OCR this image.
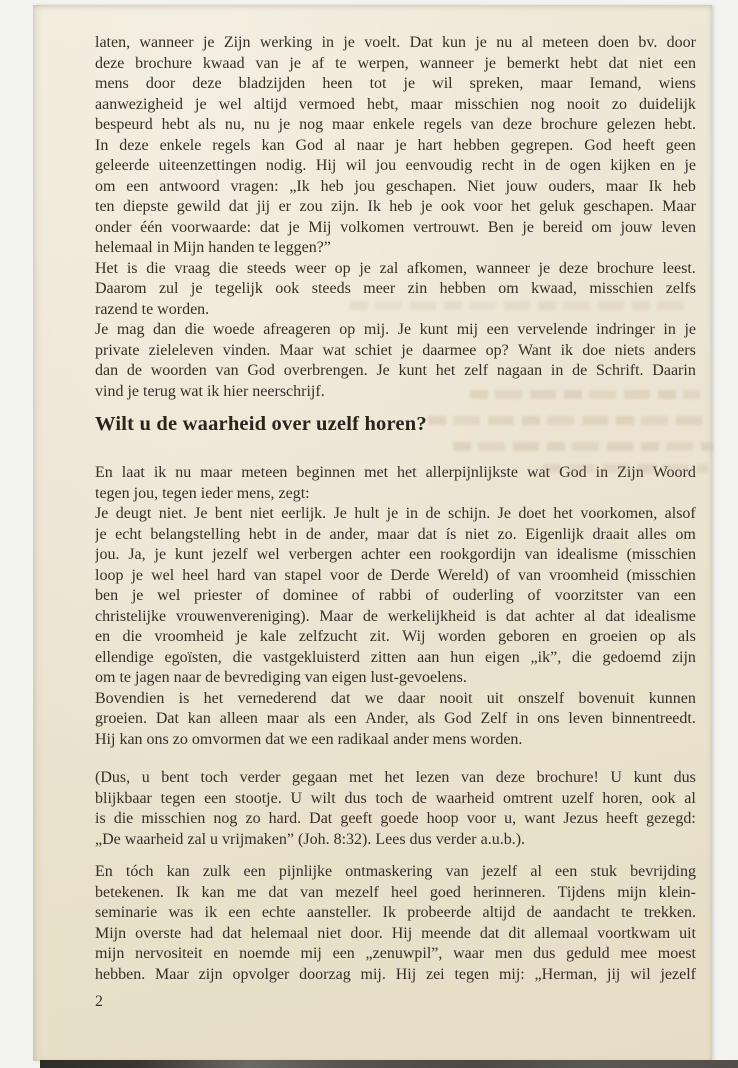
laten, wanneer je Zijn werking in je voelt. Dat kun je nu al meteen doen bv. door
deze brochure kwaad van je af te werpen, wanneer je bemerkt hebt dat niet een
mens door deze bladzijden heen tot je wil spreken, maar Iemand, wiens
aanwezigheid je wel altijd vermoed hebt, maar misschien nog nooit zo duidelijk
bespeurd hebt als nu, nu je nog maar enkele regels van deze brochure gelezen hebt.
In deze enkele regels kan God al naar je hart hebben gegrepen. God heeft geen
geleerde uiteenzettingen nodig. Hij wil jou eenvoudig recht in de ogen kijken en je
om een antwoord vragen: „Ik heb jou geschapen. Niet jouw ouders, maar Ik heb
ten diepste gewild dat jij er zou zijn. Ik heb je ook voor het geluk geschapen. Maar
onder één voorwaarde: dat je Mij volkomen vertrouwt. Ben je bereid om jouw leven
helemaal in Mijn handen te leggen?”
Het is die vraag die steeds weer op je zal afkomen, wanneer je deze brochure leest.
Daarom zul je tegelijk ook steeds meer zin hebben om kwaad, misschien zelfs
razend te worden.
Je mag dan die woede afreageren op mij. Je kunt mij een vervelende indringer in je
private zieleleven vinden. Maar wat schiet je daarmee op? Want ik doe niets anders
dan de woorden van God overbrengen. Je kunt het zelf nagaan in de Schrift. Daarin
vind je terug wat ik hier neerschrijf.
Wilt u de waarheid over uzelf horen?
En laat ik nu maar meteen beginnen met het allerpijnlijkste wat God in Zijn Woord
tegen jou, tegen ieder mens, zegt:
Je deugt niet. Je bent niet eerlijk. Je hult je in de schijn. Je doet het voorkomen, alsof
je echt belangstelling hebt in de ander, maar dat ís niet zo. Eigenlijk draait alles om
jou. Ja, je kunt jezelf wel verbergen achter een rookgordijn van idealisme (misschien
loop je wel heel hard van stapel voor de Derde Wereld) of van vroomheid (misschien
ben je wel priester of dominee of rabbi of ouderling of voorzitster van een
christelijke vrouwenvereniging). Maar de werkelijkheid is dat achter al dat idealisme
en die vroomheid je kale zelfzucht zit. Wij worden geboren en groeien op als
ellendige egoïsten, die vastgekluisterd zitten aan hun eigen „ik”, die gedoemd zijn
om te jagen naar de bevrediging van eigen lust-gevoelens.
Bovendien is het vernederend dat we daar nooit uit onszelf bovenuit kunnen
groeien. Dat kan alleen maar als een Ander, als God Zelf in ons leven binnentreedt.
Hij kan ons zo omvormen dat we een radikaal ander mens worden.
(Dus, u bent toch verder gegaan met het lezen van deze brochure! U kunt dus
blijkbaar tegen een stootje. U wilt dus toch de waarheid omtrent uzelf horen, ook al
is die misschien nog zo hard. Dat geeft goede hoop voor u, want Jezus heeft gezegd:
„De waarheid zal u vrijmaken” (Joh. 8:32). Lees dus verder a.u.b.).
En tóch kan zulk een pijnlijke ontmaskering van jezelf al een stuk bevrijding
betekenen. Ik kan me dat van mezelf heel goed herinneren. Tijdens mijn klein-
seminarie was ik een echte aansteller. Ik probeerde altijd de aandacht te trekken.
Mijn overste had dat helemaal niet door. Hij meende dat dit allemaal voortkwam uit
mijn nervositeit en noemde mij een „zenuwpil”, waar men dus geduld mee moest
hebben. Maar zijn opvolger doorzag mij. Hij zei tegen mij: „Herman, jij wil jezelf
2
